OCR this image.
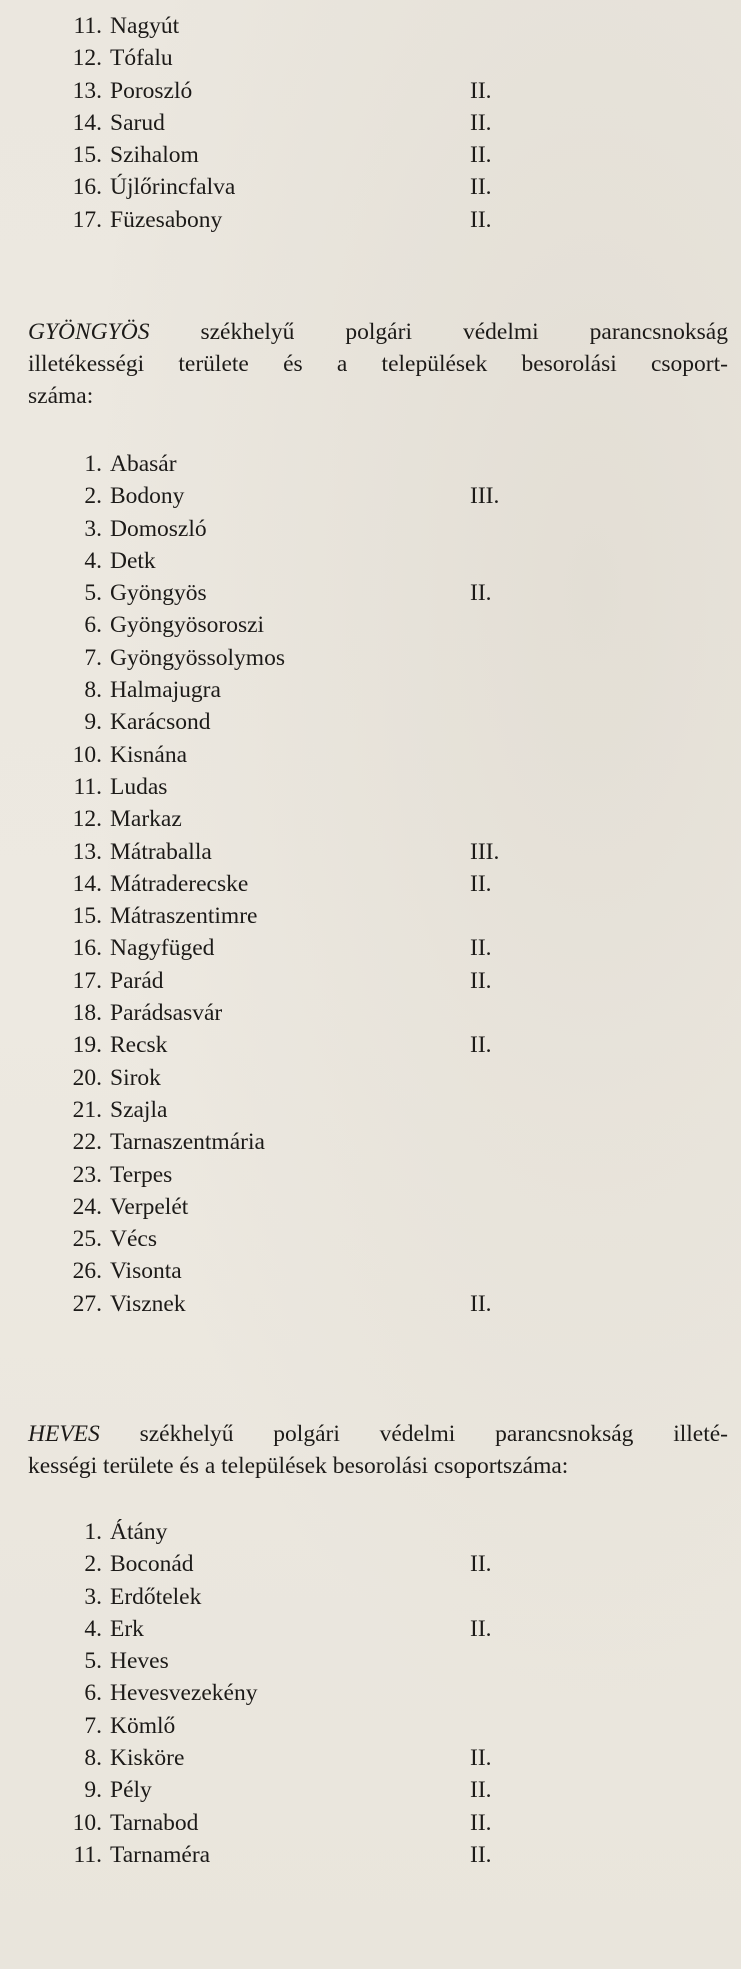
11. Nagyút
12. Tófalu
13. Poroszló	II.
14. Sarud	II.
15. Szihalom	II.
16. Újlőrincfalva	II.
17. Füzesabony	II.

GYÖNGYÖS székhelyű polgári védelmi parancsnokság
illetékességi területe és a települések besorolási csoport-
száma:

1. Abasár
2. Bodony	III.
3. Domoszló
4. Detk
5. Gyöngyös	II.
6. Gyöngyösoroszi
7. Gyöngyössolymos
8. Halmajugra
9. Karácsond
10. Kisnána
11. Ludas
12. Markaz
13. Mátraballa	III.
14. Mátraderecske	II.
15. Mátraszentimre
16. Nagyfüged	II.
17. Parád	II.
18. Parádsasvár
19. Recsk	II.
20. Sirok
21. Szajla
22. Tarnaszentmária
23. Terpes
24. Verpelét
25. Vécs
26. Visonta
27. Visznek	II.

HEVES székhelyű polgári védelmi parancsnokság illeté-
kességi területe és a települések besorolási csoportszáma:

1. Átány
2. Boconád	II.
3. Erdőtelek
4. Erk	II.
5. Heves
6. Hevesvezekény
7. Kömlő
8. Kisköre	II.
9. Pély	II.
10. Tarnabod	II.
11. Tarnaméra	II.
